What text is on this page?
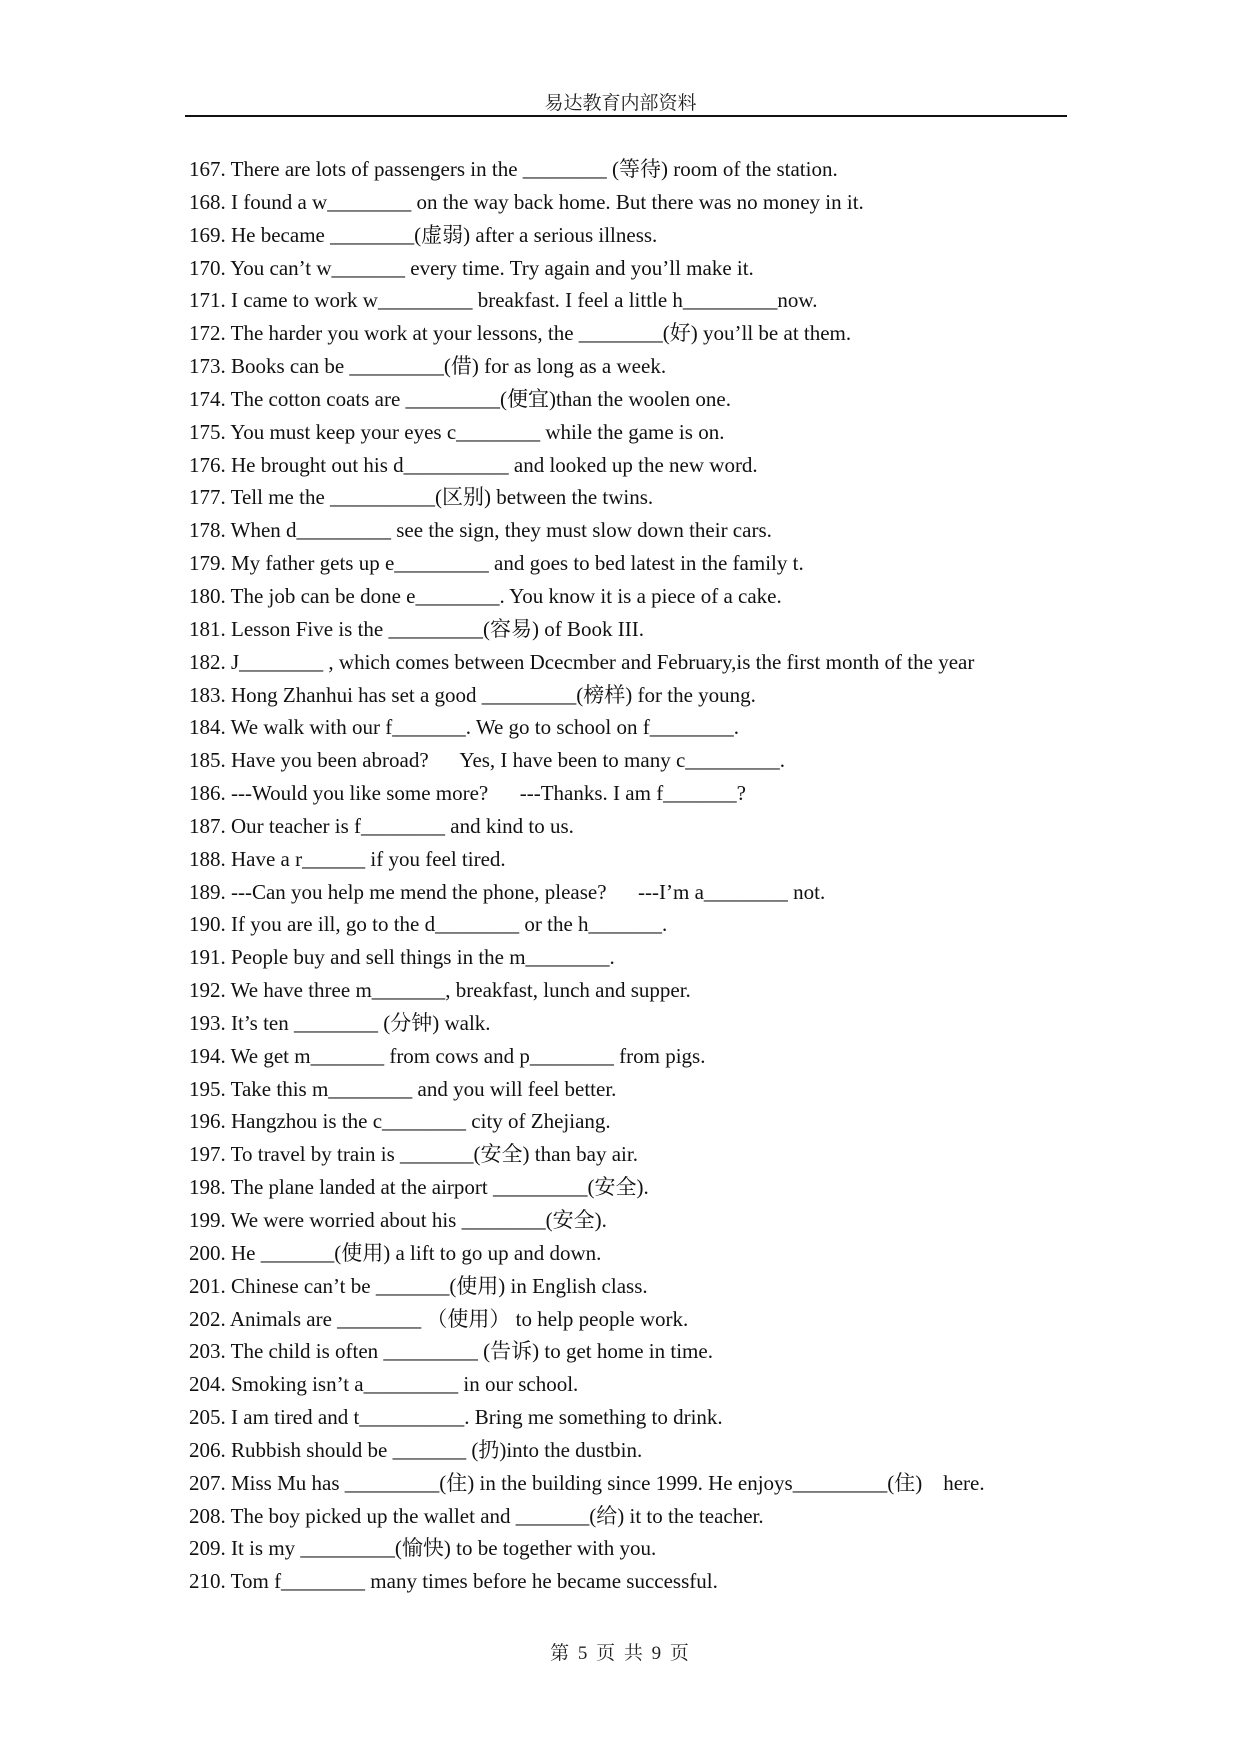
易达教育内部资料
167. There are lots of passengers in the ________ (等待) room of the station.
168. I found a w________ on the way back home. But there was no money in it.
169. He became ________(虚弱) after a serious illness.
170. You can’t w_______ every time. Try again and you’ll make it.
171. I came to work w_________ breakfast. I feel a little h_________now.
172. The harder you work at your lessons, the ________(好) you’ll be at them.
173. Books can be _________(借) for as long as a week.
174. The cotton coats are _________(便宜)than the woolen one.
175. You must keep your eyes c________ while the game is on.
176. He brought out his d__________ and looked up the new word.
177. Tell me the __________(区别) between the twins.
178. When d_________ see the sign, they must slow down their cars.
179. My father gets up e_________ and goes to bed latest in the family t.
180. The job can be done e________. You know it is a piece of a cake.
181. Lesson Five is the _________(容易) of Book III.
182. J________ , which comes between Dcecmber and February,is the first month of the year
183. Hong Zhanhui has set a good _________(榜样) for the young.
184. We walk with our f_______. We go to school on f________.
185. Have you been abroad?      Yes, I have been to many c_________.
186. ---Would you like some more?      ---Thanks. I am f_______?
187. Our teacher is f________ and kind to us.
188. Have a r______ if you feel tired.
189. ---Can you help me mend the phone, please?      ---I’m a________ not.
190. If you are ill, go to the d________ or the h_______.
191. People buy and sell things in the m________.
192. We have three m_______, breakfast, lunch and supper.
193. It’s ten ________ (分钟) walk.
194. We get m_______ from cows and p________ from pigs.
195. Take this m________ and you will feel better.
196. Hangzhou is the c________ city of Zhejiang.
197. To travel by train is _______(安全) than bay air.
198. The plane landed at the airport _________(安全).
199. We were worried about his ________(安全).
200. He _______(使用) a lift to go up and down.
201. Chinese can’t be _______(使用) in English class.
202. Animals are ________ （使用） to help people work.
203. The child is often _________ (告诉) to get home in time.
204. Smoking isn’t a_________ in our school.
205. I am tired and t__________. Bring me something to drink.
206. Rubbish should be _______ (扔)into the dustbin.
207. Miss Mu has _________(住) in the building since 1999. He enjoys_________(住)    here.
208. The boy picked up the wallet and _______(给) it to the teacher.
209. It is my _________(愉快) to be together with you.
210. Tom f________ many times before he became successful.
第 5 页 共 9 页
